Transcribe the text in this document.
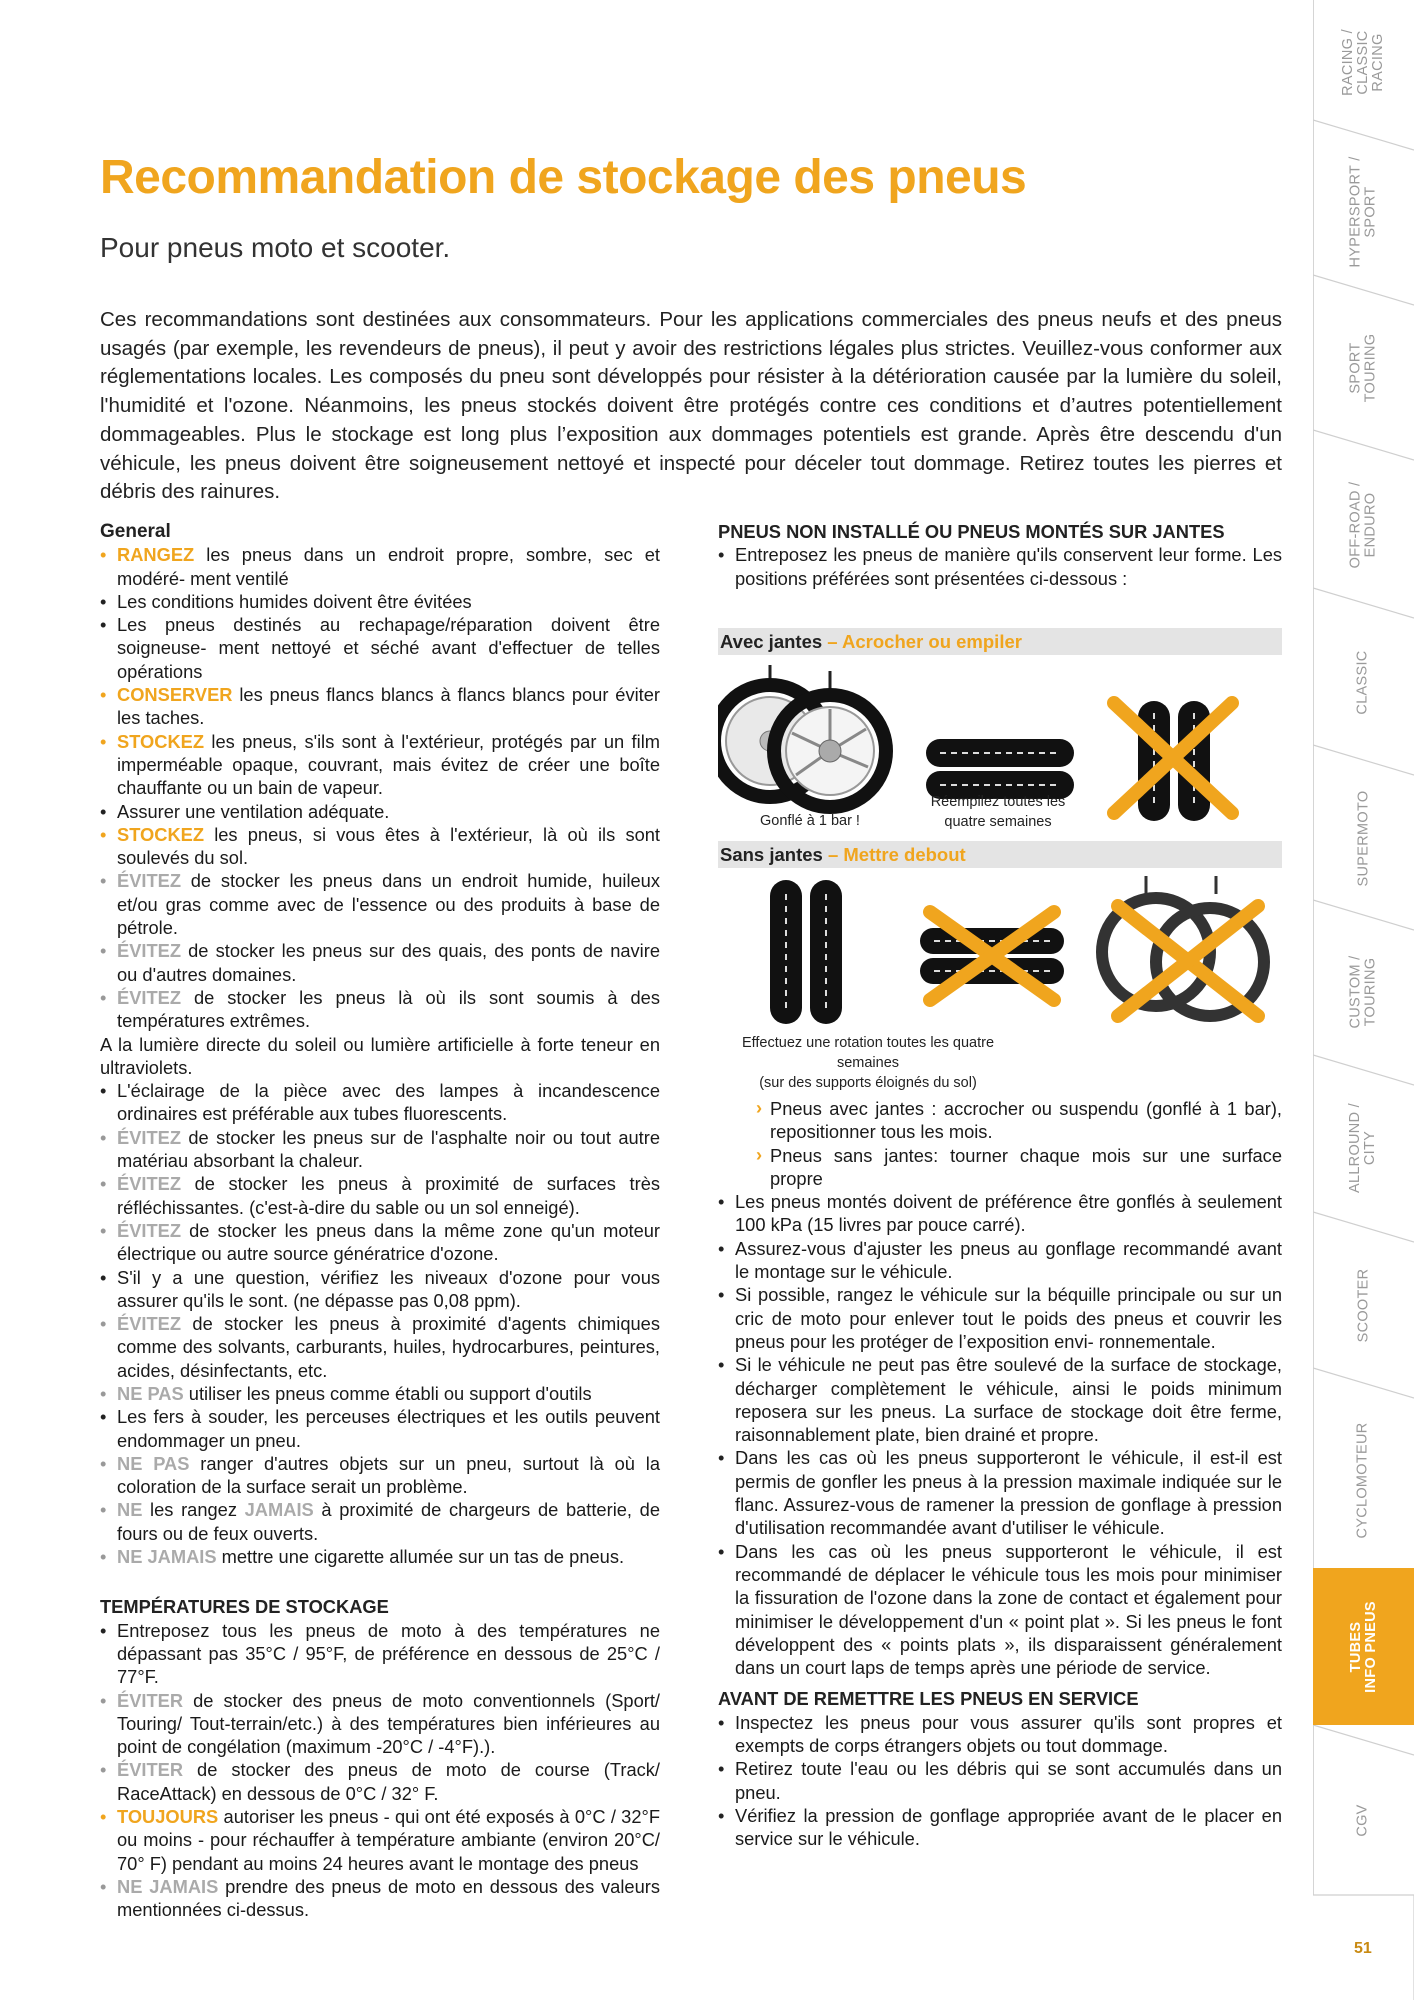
Recommandation de stockage des pneus
Pour pneus moto et scooter.

Ces recommandations sont destinées aux consommateurs. Pour les applications commerciales des pneus neufs et des pneus usagés (par exemple, les revendeurs de pneus), il peut y avoir des restrictions légales plus strictes. Veuillez-vous conformer aux réglementations locales. Les composés du pneu sont développés pour résister à la détérioration causée par la lumière du soleil, l'humidité et l'ozone. Néanmoins, les pneus stockés doivent être protégés contre ces conditions et d’autres potentiellement dommageables. Plus le stockage est long plus l’exposition aux dommages potentiels est grande. Après être descendu d'un véhicule, les pneus doivent être soigneusement nettoyé et inspecté pour déceler tout dommage. Retirez toutes les pierres et débris des rainures.

General
• RANGEZ les pneus dans un endroit propre, sombre, sec et modéré- ment ventilé
• Les conditions humides doivent être évitées
• Les pneus destinés au rechapage/réparation doivent être soigneuse- ment nettoyé et séché avant d'effectuer de telles opérations
• CONSERVER les pneus flancs blancs à flancs blancs pour éviter les taches.
• STOCKEZ les pneus, s'ils sont à l'extérieur, protégés par un film imperméable opaque, couvrant, mais évitez de créer une boîte chauffante ou un bain de vapeur.
• Assurer une ventilation adéquate.
• STOCKEZ les pneus, si vous êtes à l'extérieur, là où ils sont soulevés du sol.
• ÉVITEZ de stocker les pneus dans un endroit humide, huileux et/ou gras comme avec de l'essence ou des produits à base de pétrole.
• ÉVITEZ de stocker les pneus sur des quais, des ponts de navire ou d'autres domaines.
• ÉVITEZ de stocker les pneus là où ils sont soumis à des températures extrêmes.
A la lumière directe du soleil ou lumière artificielle à forte teneur en ultraviolets.
• L'éclairage de la pièce avec des lampes à incandescence ordinaires est préférable aux tubes fluorescents.
• ÉVITEZ de stocker les pneus sur de l'asphalte noir ou tout autre matériau absorbant la chaleur.
• ÉVITEZ de stocker les pneus à proximité de surfaces très réfléchissantes. (c'est-à-dire du sable ou un sol enneigé).
• ÉVITEZ de stocker les pneus dans la même zone qu'un moteur électrique ou autre source génératrice d'ozone.
• S'il y a une question, vérifiez les niveaux d'ozone pour vous assurer qu'ils le sont. (ne dépasse pas 0,08 ppm).
• ÉVITEZ de stocker les pneus à proximité d'agents chimiques comme des solvants, carburants, huiles, hydrocarbures, peintures, acides, désinfectants, etc.
• NE PAS utiliser les pneus comme établi ou support d'outils
• Les fers à souder, les perceuses électriques et les outils peuvent endommager un pneu.
• NE PAS ranger d'autres objets sur un pneu, surtout là où la coloration de la surface serait un problème.
• NE les rangez JAMAIS à proximité de chargeurs de batterie, de fours ou de feux ouverts.
• NE JAMAIS mettre une cigarette allumée sur un tas de pneus.
TEMPÉRATURES DE STOCKAGE
• Entreposez tous les pneus de moto à des températures ne dépassant pas 35°C / 95°F, de préférence en dessous de 25°C / 77°F.
• ÉVITER de stocker des pneus de moto conventionnels (Sport/ Touring/ Tout-terrain/etc.) à des températures bien inférieures au point de congélation (maximum -20°C / -4°F).).
• ÉVITER de stocker des pneus de moto de course (Track/ RaceAttack) en dessous de 0°C / 32° F.
• TOUJOURS autoriser les pneus - qui ont été exposés à 0°C / 32°F ou moins - pour réchauffer à température ambiante (environ 20°C/ 70° F) pendant au moins 24 heures avant le montage des pneus
• NE JAMAIS prendre des pneus de moto en dessous des valeurs mentionnées ci-dessus.
PNEUS NON INSTALLÉ OU PNEUS MONTÉS SUR JANTES
• Entreposez les pneus de manière qu'ils conservent leur forme. Les positions préférées sont présentées ci-dessous :
Avec jantes – Acrocher ou empiler
Gonflé à 1 bar !
Réempilez toutes les
quatre semaines
Sans jantes – Mettre debout
Effectuez une rotation toutes les quatre semaines
(sur des supports éloignés du sol)
› Pneus avec jantes : accrocher ou suspendu (gonflé à 1 bar), repositionner tous les mois.
› Pneus sans jantes: tourner chaque mois sur une surface propre
• Les pneus montés doivent de préférence être gonflés à seulement 100 kPa (15 livres par pouce carré).
• Assurez-vous d'ajuster les pneus au gonflage recommandé avant le montage sur le véhicule.
• Si possible, rangez le véhicule sur la béquille principale ou sur un cric de moto pour enlever tout le poids des pneus et couvrir les pneus pour les protéger de l’exposition envi- ronnementale.
• Si le véhicule ne peut pas être soulevé de la surface de stockage, décharger complètement le véhicule, ainsi le poids minimum reposera sur les pneus. La surface de stockage doit être ferme, raisonnablement plate, bien drainé et propre.
• Dans les cas où les pneus supporteront le véhicule, il est-il est permis de gonfler les pneus à la pression maximale indiquée sur le flanc. Assurez-vous de ramener la pression de gonflage à pression d'utilisation recommandée avant d'utiliser le véhicule.
• Dans les cas où les pneus supporteront le véhicule, il est recommandé de déplacer le véhicule tous les mois pour minimiser la fissuration de l'ozone dans la zone de contact et également pour minimiser le développement d'un « point plat ». Si les pneus le font développent des « points plats », ils disparaissent généralement dans un court laps de temps après une période de service.
AVANT DE REMETTRE LES PNEUS EN SERVICE
• Inspectez les pneus pour vous assurer qu'ils sont propres et exempts de corps étrangers objets ou tout dommage.
• Retirez toute l'eau ou les débris qui se sont accumulés dans un pneu.
• Vérifiez la pression de gonflage appropriée avant de le placer en service sur le véhicule.
RACING / CLASSIC RACING
HYPERSPORT / SPORT
SPORT TOURING
OFF-ROAD / ENDURO
CLASSIC
SUPERMOTO
CUSTOM / TOURING
ALLROUND / CITY
SCOOTER
CYCLOMOTEUR
TUBES INFO PNEUS
CGV
51
